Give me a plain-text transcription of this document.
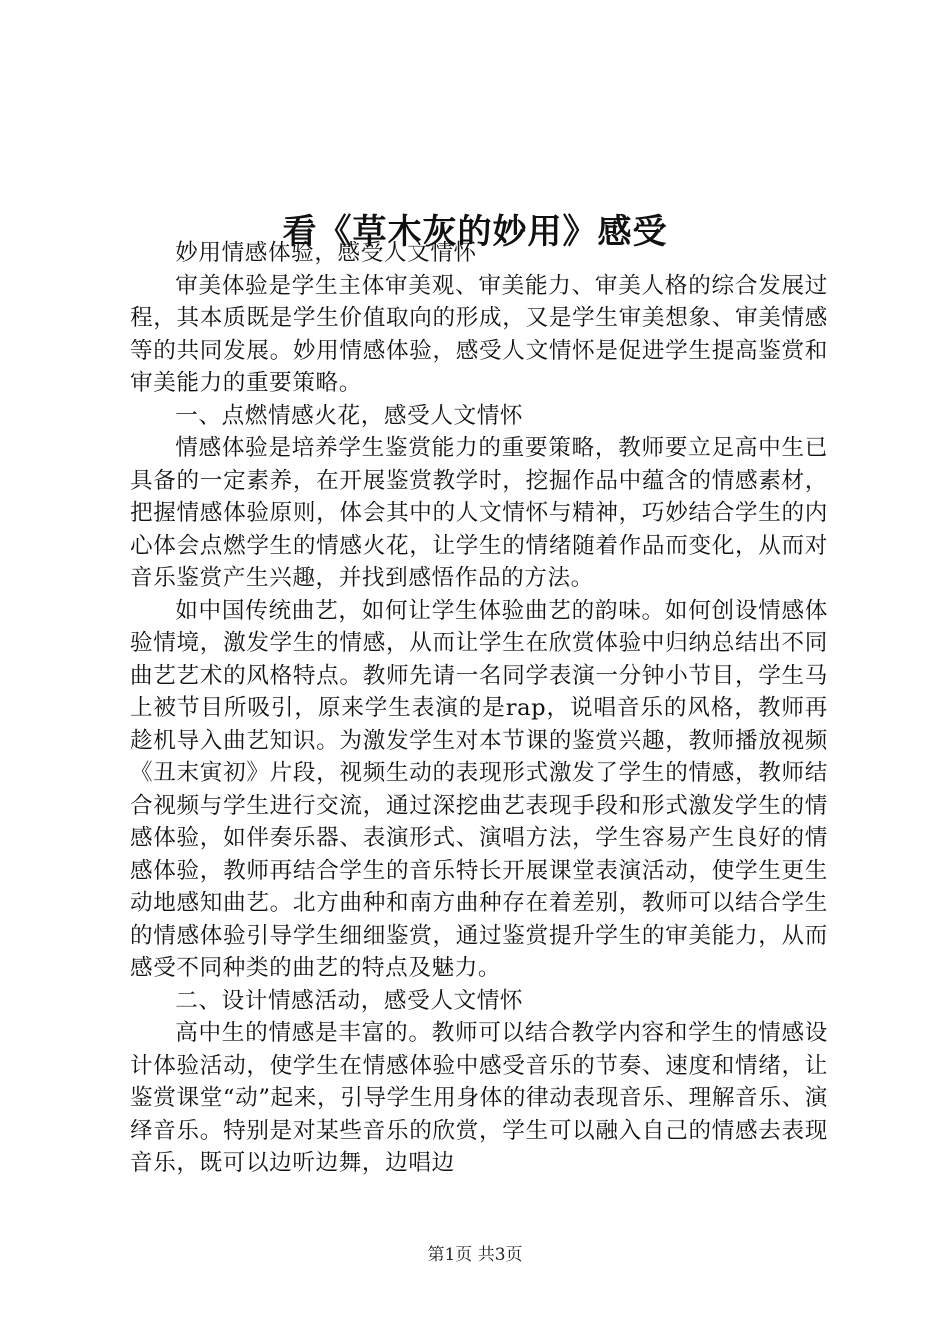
看《草木灰的妙用》感受

妙用情感体验，感受人文情怀

审美体验是学生主体审美观、审美能力、审美人格的综合发展过程，其本质既是学生价值取向的形成，又是学生审美想象、审美情感等的共同发展。妙用情感体验，感受人文情怀是促进学生提高鉴赏和审美能力的重要策略。

一、点燃情感火花，感受人文情怀

情感体验是培养学生鉴赏能力的重要策略，教师要立足高中生已具备的一定素养，在开展鉴赏教学时，挖掘作品中蕴含的情感素材，把握情感体验原则，体会其中的人文情怀与精神，巧妙结合学生的内心体会点燃学生的情感火花，让学生的情绪随着作品而变化，从而对音乐鉴赏产生兴趣，并找到感悟作品的方法。

如中国传统曲艺，如何让学生体验曲艺的韵味。如何创设情感体验情境，激发学生的情感，从而让学生在欣赏体验中归纳总结出不同曲艺艺术的风格特点。教师先请一名同学表演一分钟小节目，学生马上被节目所吸引，原来学生表演的是rap，说唱音乐的风格，教师再趁机导入曲艺知识。为激发学生对本节课的鉴赏兴趣，教师播放视频《丑末寅初》片段，视频生动的表现形式激发了学生的情感，教师结合视频与学生进行交流，通过深挖曲艺表现手段和形式激发学生的情感体验，如伴奏乐器、表演形式、演唱方法，学生容易产生良好的情感体验，教师再结合学生的音乐特长开展课堂表演活动，使学生更生动地感知曲艺。北方曲种和南方曲种存在着差别，教师可以结合学生的情感体验引导学生细细鉴赏，通过鉴赏提升学生的审美能力，从而感受不同种类的曲艺的特点及魅力。

二、设计情感活动，感受人文情怀

高中生的情感是丰富的。教师可以结合教学内容和学生的情感设计体验活动，使学生在情感体验中感受音乐的节奏、速度和情绪，让鉴赏课堂“动”起来，引导学生用身体的律动表现音乐、理解音乐、演绎音乐。特别是对某些音乐的欣赏，学生可以融入自己的情感去表现音乐，既可以边听边舞，边唱边

第1页 共3页
